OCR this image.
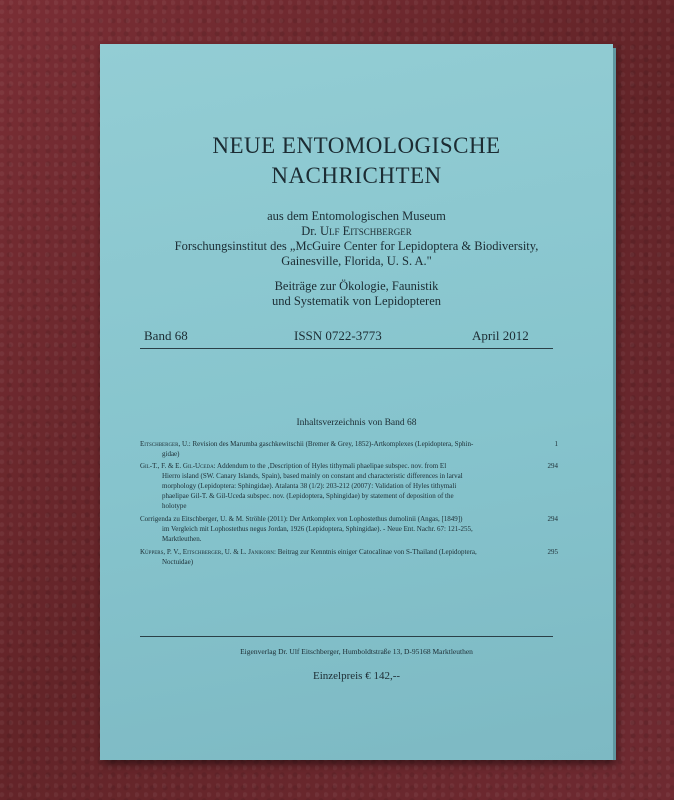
NEUE ENTOMOLOGISCHE
NACHRICHTEN

aus dem Entomologischen Museum

Dr. Ulf Eitschberger

Forschungsinstitut des „McGuire Center for Lepidoptera & Biodiversity,

Gainesville, Florida, U. S. A."

Beiträge zur Ökologie, Faunistik

und Systematik von Lepidopteren

Band 68	ISSN 0722-3773	April 2012

Inhaltsverzeichnis von Band 68

Eitschberger, U.: Revision des Marumba gaschkewitschii (Bremer & Grey, 1852)-Artkomplexes (Lepidoptera, Sphin-
gidae)
1
Gil-T., F. & E. Gil-Uceda: Addendum to the ‚Description of Hyles tithymali phaelipae subspec. nov. from El
Hierro island (SW. Canary Islands, Spain), based mainly on constant and characteristic differences in larval
morphology (Lepidoptera: Sphingidae). Atalanta 38 (1/2): 203-212 (2007)': Validation of Hyles tithymali
phaelipae Gil-T. & Gil-Uceda subspec. nov. (Lepidoptera, Sphingidae) by statement of deposition of the
holotype
294
Corrigenda zu Eitschberger, U. & M. Ströhle (2011): Der Artkomplex von Lophostethus dumolinii (Angas, [1849])
im Vergleich mit Lophostethus negus Jordan, 1926 (Lepidoptera, Sphingidae). - Neue Ent. Nachr. 67: 121-255,
Marktleuthen.
294
Küppers, P. V., Eitschberger, U. & L. Janikorn: Beitrag zur Kenntnis einiger Catocalinae von S-Thailand (Lepidoptera,
Noctuidae)
295

Eigenverlag Dr. Ulf Eitschberger, Humboldtstraße 13, D-95168 Marktleuthen

Einzelpreis € 142,--
